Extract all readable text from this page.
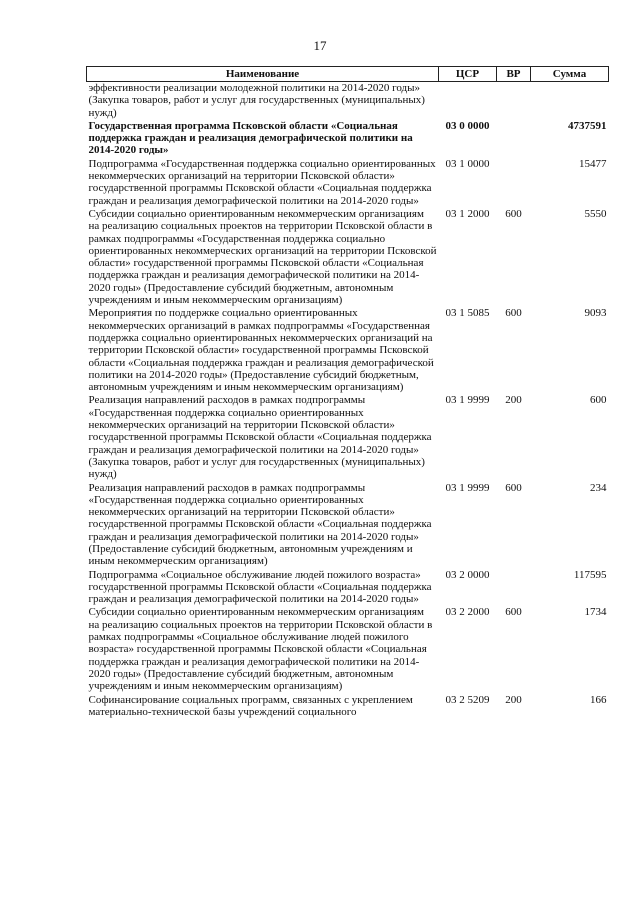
17
Наименование	ЦСР	ВР	Сумма
эффективности реализации молодежной политики на 2014-2020 годы» (Закупка товаров, работ и услуг для государственных (муниципальных) нужд)			
Государственная программа Псковской области «Социальная поддержка граждан и реализация демографической политики на 2014-2020 годы»	03 0 0000		4737591
Подпрограмма «Государственная поддержка социально ориентированных некоммерческих организаций на территории Псковской области» государственной программы Псковской области «Социальная поддержка граждан и реализация демографической политики на 2014-2020 годы»	03 1 0000		15477
Субсидии социально ориентированным некоммерческим организациям на реализацию социальных проектов на территории Псковской области в рамках подпрограммы «Государственная поддержка социально ориентированных некоммерческих организаций на территории Псковской области» государственной программы Псковской области «Социальная поддержка граждан и реализация демографической политики на 2014-2020 годы» (Предоставление субсидий бюджетным, автономным учреждениям и иным некоммерческим организациям)	03 1 2000	600	5550
Мероприятия по поддержке социально ориентированных некоммерческих организаций в рамках подпрограммы «Государственная поддержка социально ориентированных некоммерческих организаций на территории Псковской области» государственной программы Псковской области «Социальная поддержка граждан и реализация демографической политики на 2014-2020 годы» (Предоставление субсидий бюджетным, автономным учреждениям и иным некоммерческим организациям)	03 1 5085	600	9093
Реализация направлений расходов в рамках подпрограммы «Государственная поддержка социально ориентированных некоммерческих организаций на территории Псковской области» государственной программы Псковской области «Социальная поддержка граждан и реализация демографической политики на 2014-2020 годы» (Закупка товаров, работ и услуг для государственных (муниципальных) нужд)	03 1 9999	200	600
Реализация направлений расходов в рамках подпрограммы «Государственная поддержка социально ориентированных некоммерческих организаций на территории Псковской области» государственной программы Псковской области «Социальная поддержка граждан и реализация демографической политики на 2014-2020 годы» (Предоставление субсидий бюджетным, автономным учреждениям и иным некоммерческим организациям)	03 1 9999	600	234
Подпрограмма «Социальное обслуживание людей пожилого возраста» государственной программы Псковской области «Социальная поддержка граждан и реализация демографической политики на 2014-2020 годы»	03 2 0000		117595
Субсидии социально ориентированным некоммерческим организациям на реализацию социальных проектов на территории Псковской области в рамках подпрограммы «Социальное обслуживание людей пожилого возраста» государственной программы Псковской области «Социальная поддержка граждан и реализация демографической политики на 2014-2020 годы» (Предоставление субсидий бюджетным, автономным учреждениям и иным некоммерческим организациям)	03 2 2000	600	1734
Софинансирование социальных программ, связанных с укреплением материально-технической базы учреждений социального	03 2 5209	200	166
